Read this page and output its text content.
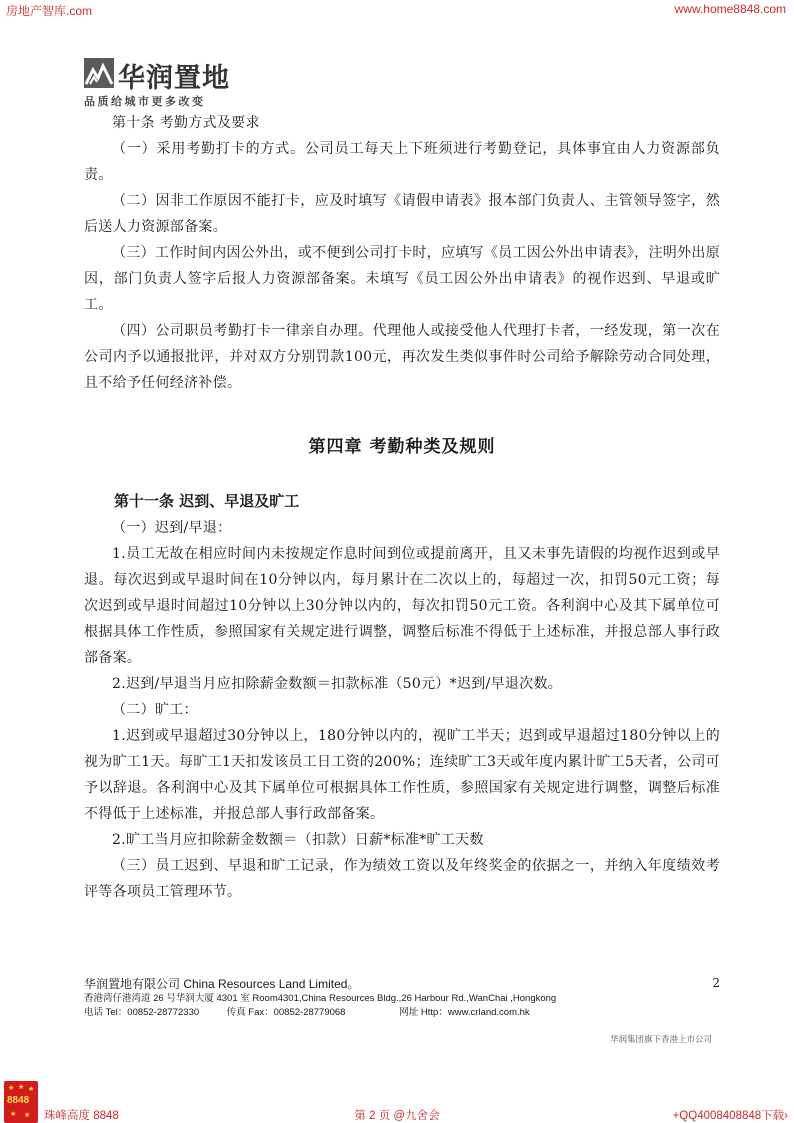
房地产智库.com	www.home8848.com
华润置地
品质给城市更多改变

第十条 考勤方式及要求

（一）采用考勤打卡的方式。公司员工每天上下班须进行考勤登记，具体事宜由人力资源部负责。

（二）因非工作原因不能打卡，应及时填写《请假申请表》报本部门负责人、主管领导签字，然后送人力资源部备案。

（三）工作时间内因公外出，或不便到公司打卡时，应填写《员工因公外出申请表》，注明外出原因，部门负责人签字后报人力资源部备案。未填写《员工因公外出申请表》的视作迟到、早退或旷工。

（四）公司职员考勤打卡一律亲自办理。代理他人或接受他人代理打卡者，一经发现，第一次在公司内予以通报批评，并对双方分别罚款100元，再次发生类似事件时公司给予解除劳动合同处理，且不给予任何经济补偿。

第四章 考勤种类及规则

第十一条 迟到、早退及旷工

（一）迟到/早退：

1.员工无故在相应时间内未按规定作息时间到位或提前离开，且又未事先请假的均视作迟到或早退。每次迟到或早退时间在10分钟以内，每月累计在二次以上的，每超过一次，扣罚50元工资；每次迟到或早退时间超过10分钟以上30分钟以内的，每次扣罚50元工资。各利润中心及其下属单位可根据具体工作性质，参照国家有关规定进行调整，调整后标准不得低于上述标准，并报总部人事行政部备案。

2.迟到/早退当月应扣除薪金数额＝扣款标准（50元）*迟到/早退次数。

（二）旷工：

1.迟到或早退超过30分钟以上，180分钟以内的，视旷工半天；迟到或早退超过180分钟以上的视为旷工1天。每旷工1天扣发该员工日工资的200%；连续旷工3天或年度内累计旷工5天者，公司可予以辞退。各利润中心及其下属单位可根据具体工作性质，参照国家有关规定进行调整，调整后标准不得低于上述标准，并报总部人事行政部备案。

2.旷工当月应扣除薪金数额＝（扣款）日薪*标准*旷工天数

（三）员工迟到、早退和旷工记录，作为绩效工资以及年终奖金的依据之一，并纳入年度绩效考评等各项员工管理环节。

华润置地有限公司 China Resources Land Limited。	2
香港湾仔港湾道 26 号华润大厦 4301 室 Room4301,China Resources Bldg.,26 Harbour Rd.,WanChai ,Hongkong
电话 Tel：00852-28772330	传真 Fax：00852-28779068	网址 Http：www.crland.com.hk
华润集团旗下香港上市公司
★ ★ ★
8848
★ ★ 珠峰高度 8848	第 2 页 @九舍会	+QQ4008408848下载›
